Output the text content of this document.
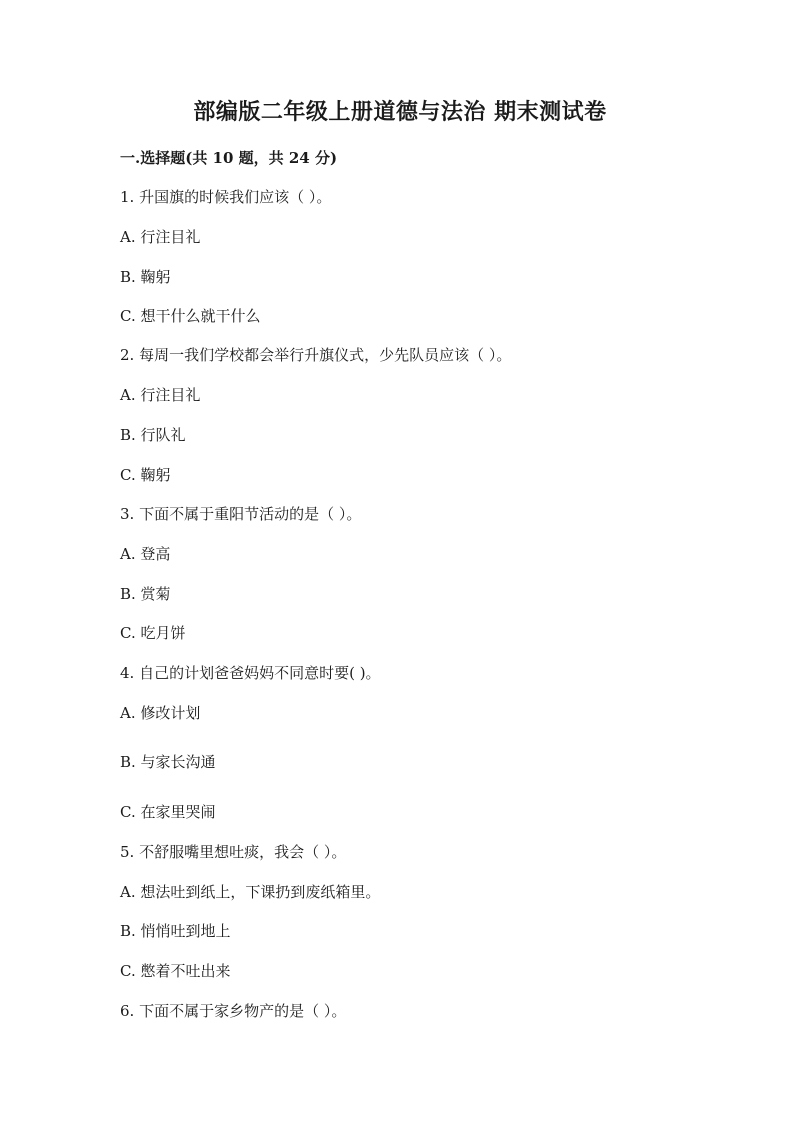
部编版二年级上册道德与法治 期末测试卷
一.选择题(共 10 题，共 24 分)
1. 升国旗的时候我们应该（ ）。
A. 行注目礼
B. 鞠躬
C. 想干什么就干什么
2. 每周一我们学校都会举行升旗仪式，少先队员应该（ ）。
A. 行注目礼
B. 行队礼
C. 鞠躬
3. 下面不属于重阳节活动的是（ ）。
A. 登高
B. 赏菊
C. 吃月饼
4. 自己的计划爸爸妈妈不同意时要( )。
A. 修改计划
B. 与家长沟通
C. 在家里哭闹
5. 不舒服嘴里想吐痰，我会（ ）。
A. 想法吐到纸上，下课扔到废纸箱里。
B. 悄悄吐到地上
C. 憋着不吐出来
6. 下面不属于家乡物产的是（ ）。
